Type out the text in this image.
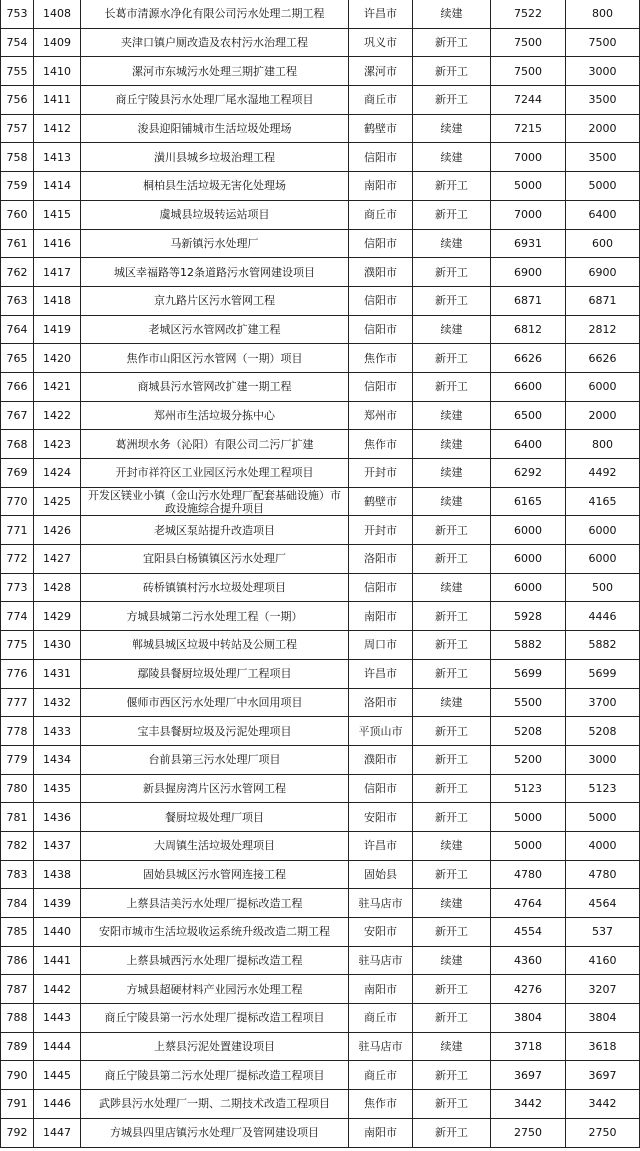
753	1408	长葛市清源水净化有限公司污水处理二期工程	许昌市	续建	7522	800
754	1409	夹津口镇户厕改造及农村污水治理工程	巩义市	新开工	7500	7500
755	1410	漯河市东城污水处理三期扩建工程	漯河市	新开工	7500	3000
756	1411	商丘宁陵县污水处理厂尾水湿地工程项目	商丘市	新开工	7244	3500
757	1412	浚县迎阳铺城市生活垃圾处理场	鹤壁市	续建	7215	2000
758	1413	潢川县城乡垃圾治理工程	信阳市	续建	7000	3500
759	1414	桐柏县生活垃圾无害化处理场	南阳市	新开工	5000	5000
760	1415	虞城县垃圾转运站项目	商丘市	新开工	7000	6400
761	1416	马新镇污水处理厂	信阳市	续建	6931	600
762	1417	城区幸福路等12条道路污水管网建设项目	濮阳市	新开工	6900	6900
763	1418	京九路片区污水管网工程	信阳市	新开工	6871	6871
764	1419	老城区污水管网改扩建工程	信阳市	续建	6812	2812
765	1420	焦作市山阳区污水管网（一期）项目	焦作市	新开工	6626	6626
766	1421	商城县污水管网改扩建一期工程	信阳市	新开工	6600	6000
767	1422	郑州市生活垃圾分拣中心	郑州市	续建	6500	2000
768	1423	葛洲坝水务（沁阳）有限公司二污厂扩建	焦作市	续建	6400	800
769	1424	开封市祥符区工业园区污水处理工程项目	开封市	续建	6292	4492
770	1425	开发区镁业小镇（金山污水处理厂配套基础设施）市政设施综合提升项目	鹤壁市	续建	6165	4165
771	1426	老城区泵站提升改造项目	开封市	新开工	6000	6000
772	1427	宜阳县白杨镇镇区污水处理厂	洛阳市	新开工	6000	6000
773	1428	砖桥镇镇村污水垃圾处理项目	信阳市	续建	6000	500
774	1429	方城县城第二污水处理工程（一期）	南阳市	新开工	5928	4446
775	1430	郸城县城区垃圾中转站及公厕工程	周口市	新开工	5882	5882
776	1431	鄢陵县餐厨垃圾处理厂工程项目	许昌市	新开工	5699	5699
777	1432	偃师市西区污水处理厂中水回用项目	洛阳市	续建	5500	3700
778	1433	宝丰县餐厨垃圾及污泥处理项目	平顶山市	新开工	5208	5208
779	1434	台前县第三污水处理厂项目	濮阳市	新开工	5200	3000
780	1435	新县握房湾片区污水管网工程	信阳市	新开工	5123	5123
781	1436	餐厨垃圾处理厂项目	安阳市	新开工	5000	5000
782	1437	大周镇生活垃圾处理项目	许昌市	续建	5000	4000
783	1438	固始县城区污水管网连接工程	固始县	新开工	4780	4780
784	1439	上蔡县洁美污水处理厂提标改造工程	驻马店市	续建	4764	4564
785	1440	安阳市城市生活垃圾收运系统升级改造二期工程	安阳市	新开工	4554	537
786	1441	上蔡县城西污水处理厂提标改造工程	驻马店市	续建	4360	4160
787	1442	方城县超硬材料产业园污水处理工程	南阳市	新开工	4276	3207
788	1443	商丘宁陵县第一污水处理厂提标改造工程项目	商丘市	新开工	3804	3804
789	1444	上蔡县污泥处置建设项目	驻马店市	续建	3718	3618
790	1445	商丘宁陵县第二污水处理厂提标改造工程项目	商丘市	新开工	3697	3697
791	1446	武陟县污水处理厂一期、二期技术改造工程项目	焦作市	新开工	3442	3442
792	1447	方城县四里店镇污水处理厂及管网建设项目	南阳市	新开工	2750	2750
